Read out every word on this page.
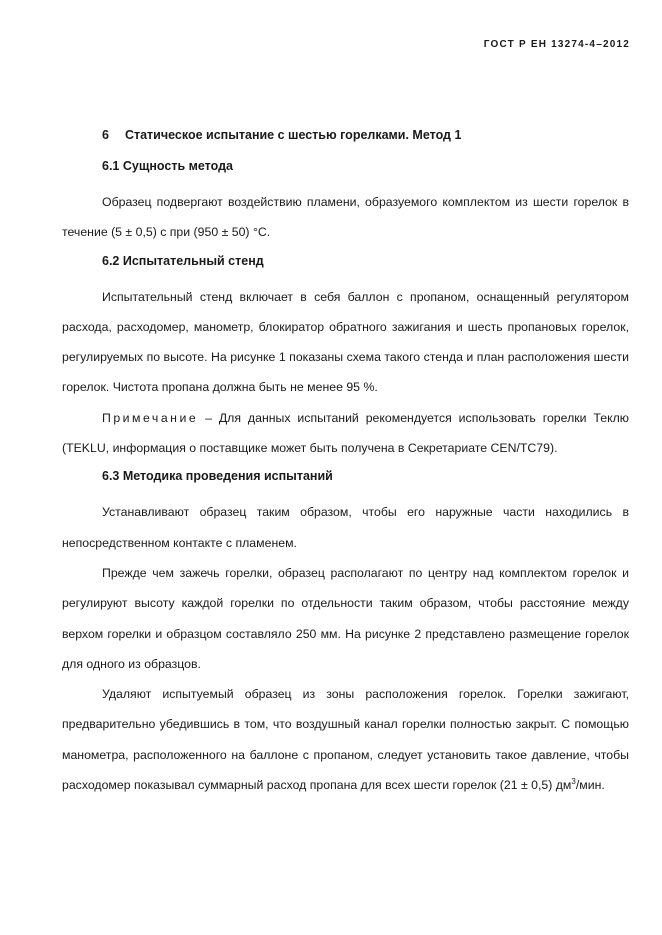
ГОСТ Р ЕН 13274-4–2012
6 Статическое испытание с шестью горелками. Метод 1
6.1 Сущность метода

Образец подвергают воздействию пламени, образуемого комплектом из шести горелок в течение (5 ± 0,5) с при (950 ± 50) °C.

6.2 Испытательный стенд

Испытательный стенд включает в себя баллон с пропаном, оснащенный регулятором расхода, расходомер, манометр, блокиратор обратного зажигания и шесть пропановых горелок, регулируемых по высоте. На рисунке 1 показаны схема такого стенда и план расположения шести горелок. Чистота пропана должна быть не менее 95 %.

Примечание – Для данных испытаний рекомендуется использовать горелки Теклю (TEKLU, информация о поставщике может быть получена в Секретариате CEN/TC79).

6.3 Методика проведения испытаний

Устанавливают образец таким образом, чтобы его наружные части находились в непосредственном контакте с пламенем.

Прежде чем зажечь горелки, образец располагают по центру над комплектом горелок и регулируют высоту каждой горелки по отдельности таким образом, чтобы расстояние между верхом горелки и образцом составляло 250 мм. На рисунке 2 представлено размещение горелок для одного из образцов.

Удаляют испытуемый образец из зоны расположения горелок. Горелки зажигают, предварительно убедившись в том, что воздушный канал горелки полностью закрыт. С помощью манометра, расположенного на баллоне с пропаном, следует установить такое давление, чтобы расходомер показывал суммарный расход пропана для всех шести горелок (21 ± 0,5) $дм^3$/мин.
